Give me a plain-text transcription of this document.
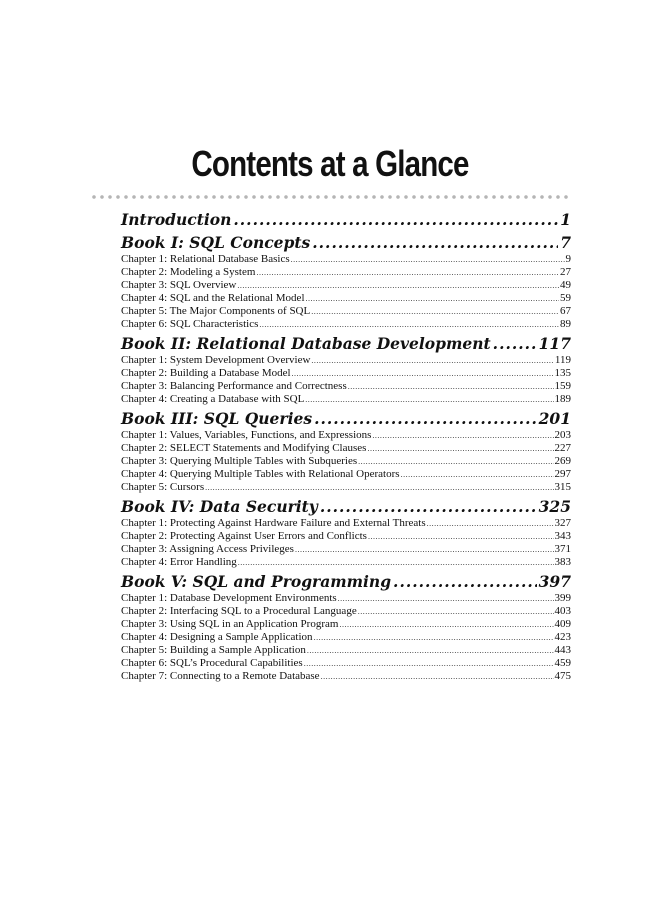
Contents at a Glance
Introduction .....	1
Book I: SQL Concepts .....	7
Chapter 1: Relational Database Basics .....	9
Chapter 2: Modeling a System .....	27
Chapter 3: SQL Overview .....	49
Chapter 4: SQL and the Relational Model .....	59
Chapter 5: The Major Components of SQL .....	67
Chapter 6: SQL Characteristics .....	89
Book II: Relational Database Development .....	117
Chapter 1: System Development Overview .....	119
Chapter 2: Building a Database Model .....	135
Chapter 3: Balancing Performance and Correctness .....	159
Chapter 4: Creating a Database with SQL .....	189
Book III: SQL Queries .....	201
Chapter 1: Values, Variables, Functions, and Expressions .....	203
Chapter 2: SELECT Statements and Modifying Clauses .....	227
Chapter 3: Querying Multiple Tables with Subqueries .....	269
Chapter 4: Querying Multiple Tables with Relational Operators .....	297
Chapter 5: Cursors .....	315
Book IV: Data Security .....	325
Chapter 1: Protecting Against Hardware Failure and External Threats .....	327
Chapter 2: Protecting Against User Errors and Conflicts .....	343
Chapter 3: Assigning Access Privileges .....	371
Chapter 4: Error Handling .....	383
Book V: SQL and Programming .....	397
Chapter 1: Database Development Environments .....	399
Chapter 2: Interfacing SQL to a Procedural Language .....	403
Chapter 3: Using SQL in an Application Program .....	409
Chapter 4: Designing a Sample Application .....	423
Chapter 5: Building a Sample Application .....	443
Chapter 6: SQL’s Procedural Capabilities .....	459
Chapter 7: Connecting to a Remote Database .....	475
